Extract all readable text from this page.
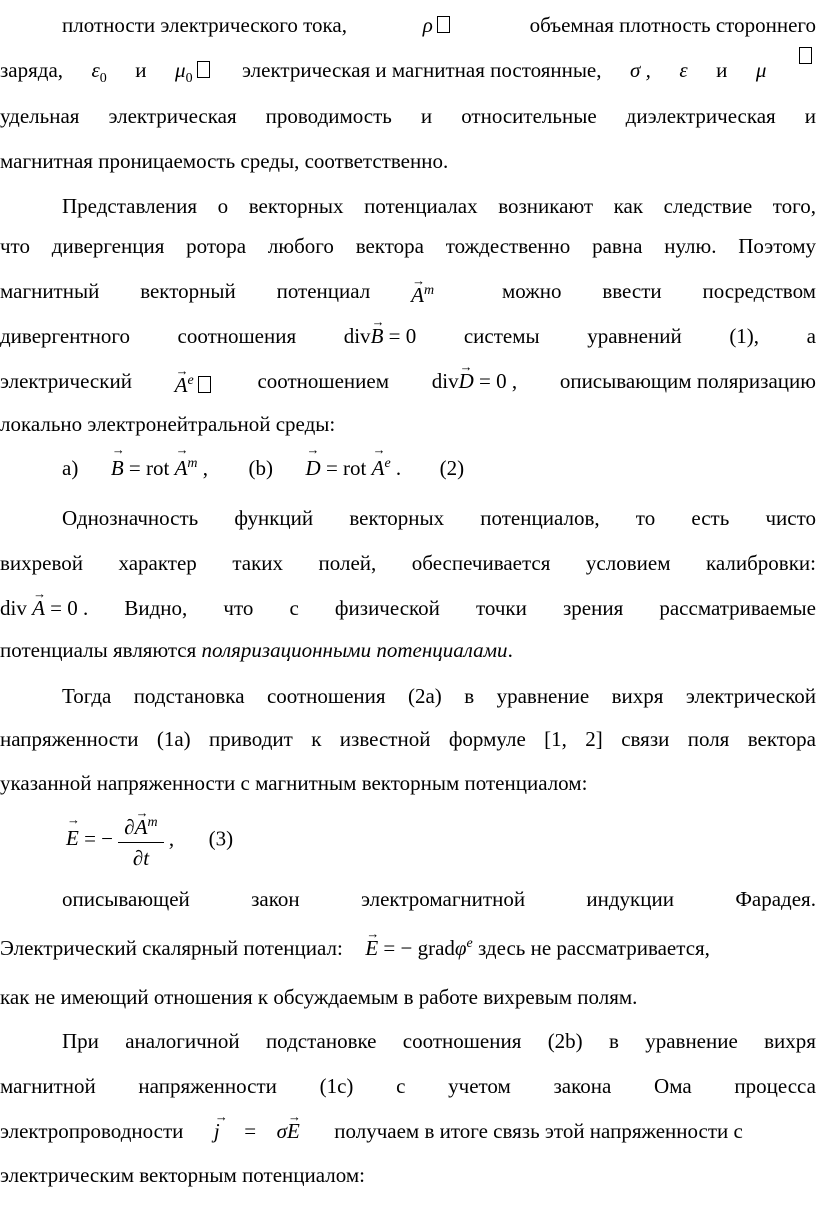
плотности электрического тока,	ρ	объемная плотность стороннего
заряда, $\varepsilon_0$ и $\mu_0$	электрическая и магнитная постоянные, σ , ε и μ
удельная электрическая проводимость и относительные диэлектрическая и
магнитная проницаемость среды, соответственно.
Представления о векторных потенциалах возникают как следствие того,
что дивергенция ротора любого вектора тождественно равна нулю. Поэтому
магнитный векторный потенциал → $A^m$	можно ввести посредством
дивергентного соотношения div→ B = 0 системы уравнений (1), а
электрический → $A^e$	соотношением div→ D = 0 , описывающим поляризацию
локально электронейтральной среды:
а) → B = rot → $A^m$ , (b) → D = rot → $A^e$ . (2)
Однозначность функций векторных потенциалов, то есть чисто
вихревой характер таких полей, обеспечивается условием калибровки:
div → A = 0 . Видно, что с физической точки зрения рассматриваемые
потенциалы являются поляризационными потенциалами.
Тогда подстановка соотношения (2а) в уравнение вихря электрической
напряженности (1а) приводит к известной формуле [1, 2] связи поля вектора
указанной напряженности с магнитным векторным потенциалом:
→ E = − $\frac{\partial\to A^m}{\partial t}$ , (3)
описывающей	закон	электромагнитной	индукции	Фарадея.
Электрический скалярный потенциал: → E = − gradφ$^e$ здесь не рассматривается,
как не имеющий отношения к обсуждаемым в работе вихревым полям.
При аналогичной подстановке соотношения (2b) в уравнение вихря
магнитной напряженности (1c) с учетом закона Ома процесса
электропроводности → j = σ→ E получаем в итоге связь этой напряженности с
электрическим векторным потенциалом:
